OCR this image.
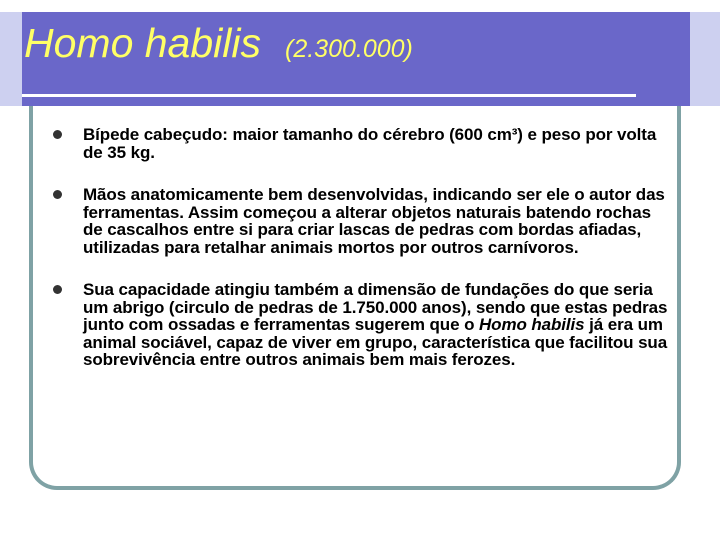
Homo habilis (2.300.000)
Bípede cabeçudo: maior tamanho do cérebro (600 cm³) e peso por volta de 35 kg.
Mãos anatomicamente bem desenvolvidas, indicando ser ele o autor das ferramentas. Assim começou a alterar objetos naturais batendo rochas de cascalhos entre si para criar lascas de pedras com bordas afiadas, utilizadas para retalhar animais mortos por outros carnívoros.
Sua capacidade atingiu também a dimensão de fundações do que seria um abrigo (circulo de pedras de 1.750.000 anos), sendo que estas pedras junto com ossadas e ferramentas sugerem que o Homo habilis já era um animal sociável, capaz de viver em grupo, característica que facilitou sua sobrevivência entre outros animais bem mais ferozes.
